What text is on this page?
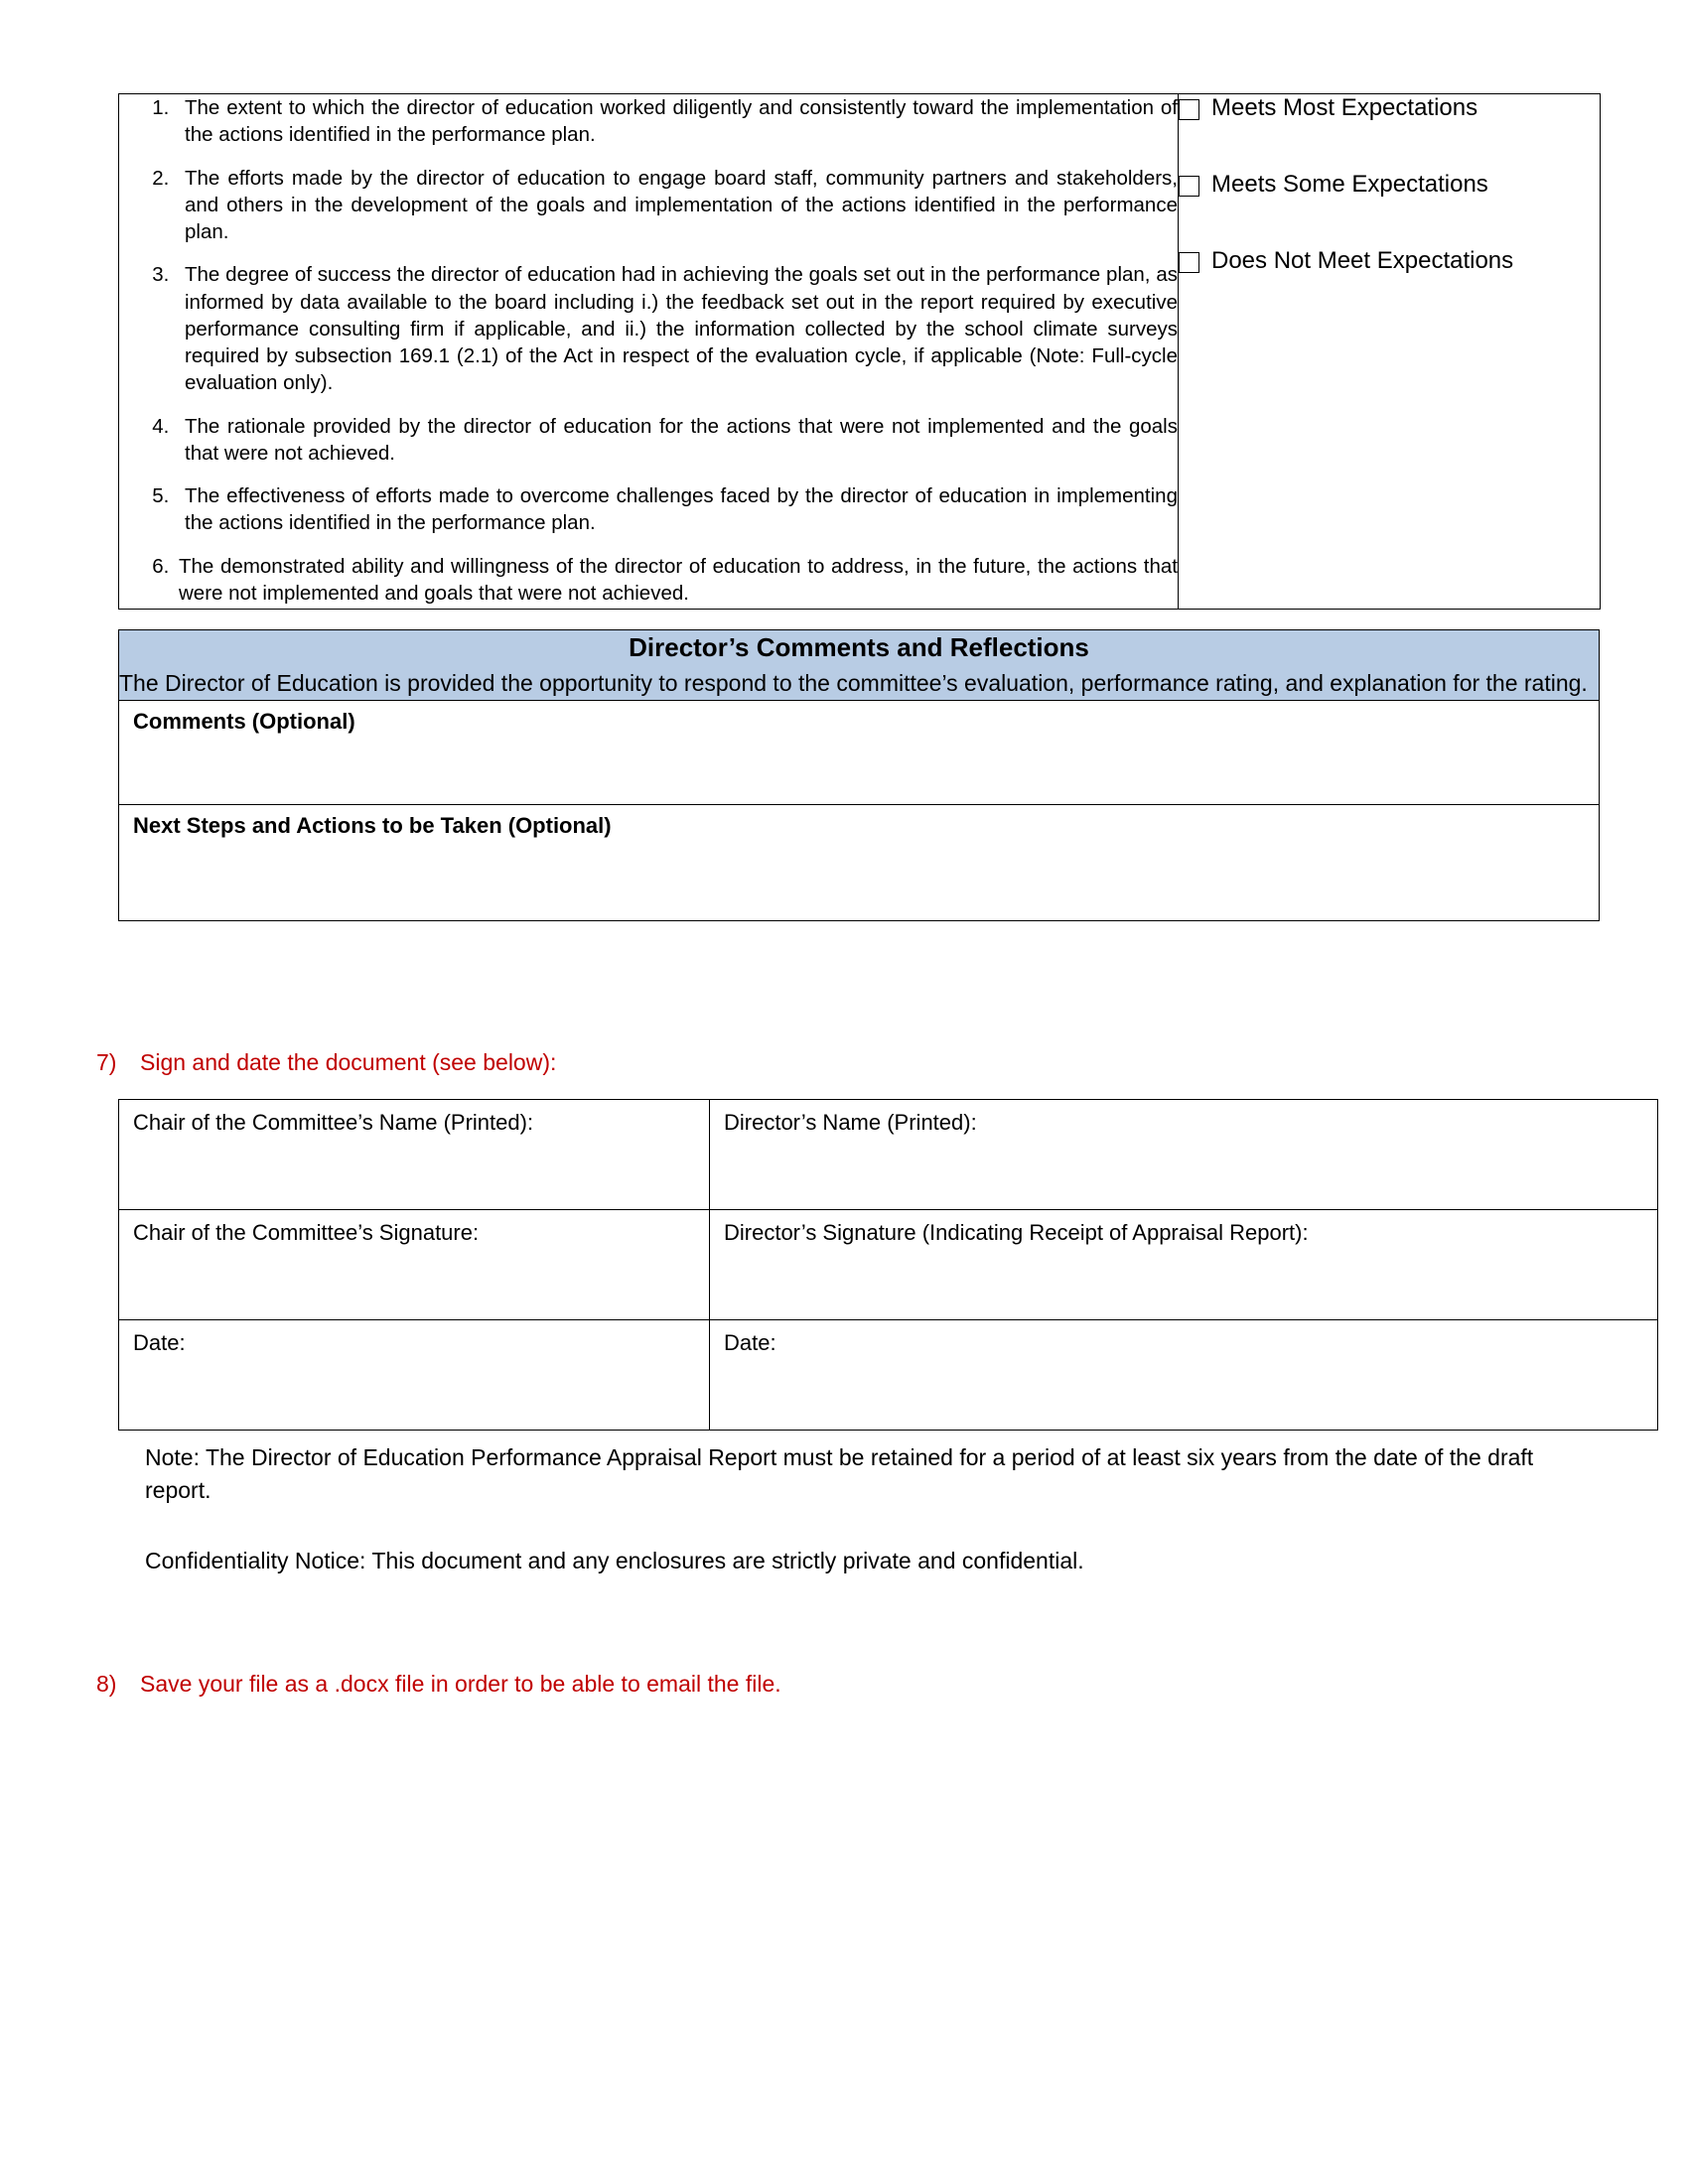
1. The extent to which the director of education worked diligently and consistently toward the implementation of the actions identified in the performance plan.
2. The efforts made by the director of education to engage board staff, community partners and stakeholders, and others in the development of the goals and implementation of the actions identified in the performance plan.
3. The degree of success the director of education had in achieving the goals set out in the performance plan, as informed by data available to the board including i.) the feedback set out in the report required by executive performance consulting firm if applicable, and ii.) the information collected by the school climate surveys required by subsection 169.1 (2.1) of the Act in respect of the evaluation cycle, if applicable (Note: Full-cycle evaluation only).
4. The rationale provided by the director of education for the actions that were not implemented and the goals that were not achieved.
5. The effectiveness of efforts made to overcome challenges faced by the director of education in implementing the actions identified in the performance plan.
6. The demonstrated ability and willingness of the director of education to address, in the future, the actions that were not implemented and goals that were not achieved.

Meets Most Expectations
Meets Some Expectations
Does Not Meet Expectations
Director’s Comments and Reflections
The Director of Education is provided the opportunity to respond to the committee’s evaluation, performance rating, and explanation for the rating.

Comments (Optional)

Next Steps and Actions to be Taken (Optional)
7) Sign and date the document (see below):
Chair of the Committee’s Name (Printed):	Director’s Name (Printed):
Chair of the Committee’s Signature:	Director’s Signature (Indicating Receipt of Appraisal Report):
Date:	Date:
Note: The Director of Education Performance Appraisal Report must be retained for a period of at least six years from the date of the draft report.
Confidentiality Notice: This document and any enclosures are strictly private and confidential.
8) Save your file as a .docx file in order to be able to email the file.
